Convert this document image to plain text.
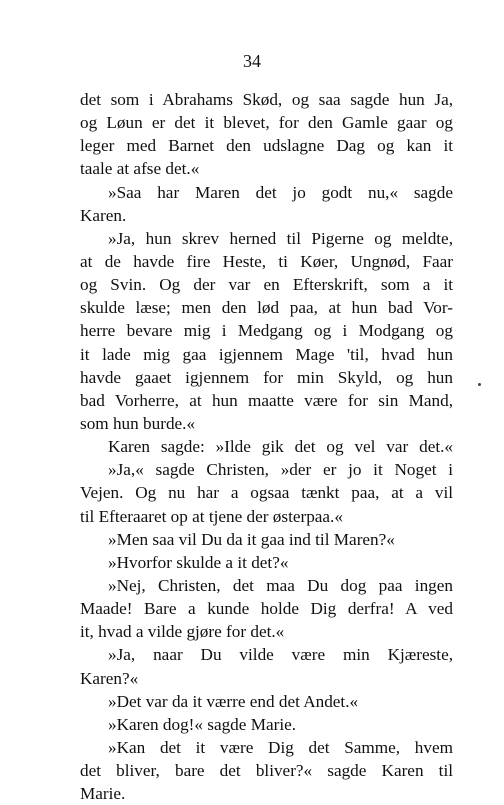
34
det som i Abrahams Skød, og saa sagde hun Ja,
og Løun er det it blevet, for den Gamle gaar og
leger med Barnet den udslagne Dag og kan it
taale at afse det.«
»Saa har Maren det jo godt nu,« sagde
Karen.
»Ja, hun skrev herned til Pigerne og meldte,
at de havde fire Heste, ti Køer, Ungnød, Faar
og Svin. Og der var en Efterskrift, som a it
skulde læse; men den lød paa, at hun bad Vor-
herre bevare mig i Medgang og i Modgang og
it lade mig gaa igjennem Mage 'til, hvad hun
havde gaaet igjennem for min Skyld, og hun
bad Vorherre, at hun maatte være for sin Mand,
som hun burde.«
Karen sagde: »Ilde gik det og vel var det.«
»Ja,« sagde Christen, »der er jo it Noget i
Vejen. Og nu har a ogsaa tænkt paa, at a vil
til Efteraaret op at tjene der østerpaa.«
»Men saa vil Du da it gaa ind til Maren?«
»Hvorfor skulde a it det?«
»Nej, Christen, det maa Du dog paa ingen
Maade! Bare a kunde holde Dig derfra! A ved
it, hvad a vilde gjøre for det.«
»Ja, naar Du vilde være min Kjæreste,
Karen?«
»Det var da it værre end det Andet.«
»Karen dog!« sagde Marie.
»Kan det it være Dig det Samme, hvem
det bliver, bare det bliver?« sagde Karen til
Marie.
